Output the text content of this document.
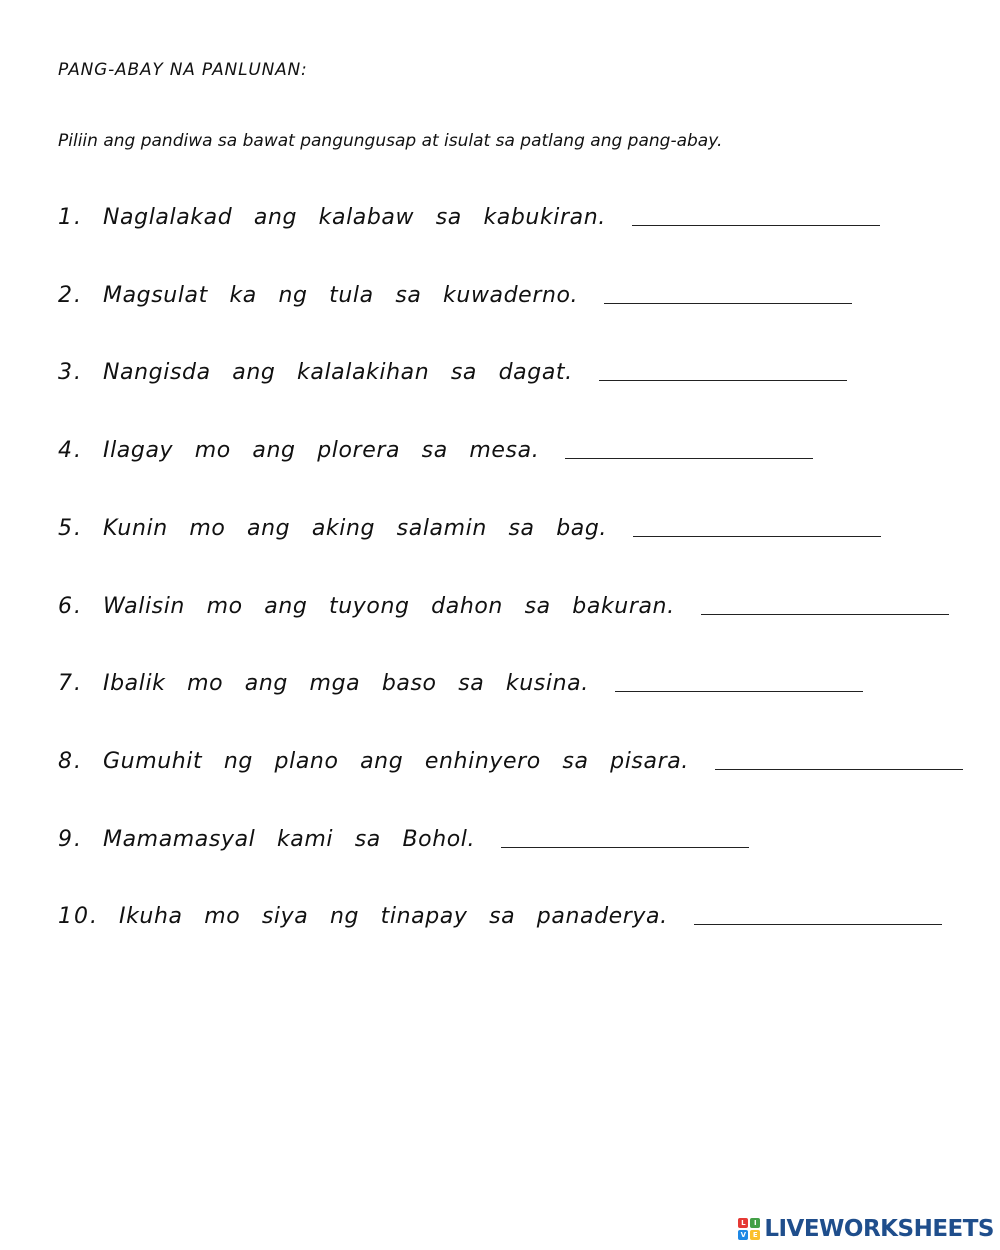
PANG-ABAY NA PANLUNAN:
Piliin ang pandiwa sa bawat pangungusap at isulat sa patlang ang pang-abay.
1. Naglalakad ang kalabaw sa kabukiran.
2. Magsulat ka ng tula sa kuwaderno.
3. Nangisda ang kalalakihan sa dagat.
4. Ilagay mo ang plorera sa mesa.
5. Kunin mo ang aking salamin sa bag.
6. Walisin mo ang tuyong dahon sa bakuran.
7. Ibalik mo ang mga baso sa kusina.
8. Gumuhit ng plano ang enhinyero sa pisara.
9. Mamamasyal kami sa Bohol.
10. Ikuha mo siya ng tinapay sa panaderya.
L	I
V E LIVEWORKSHEETS
